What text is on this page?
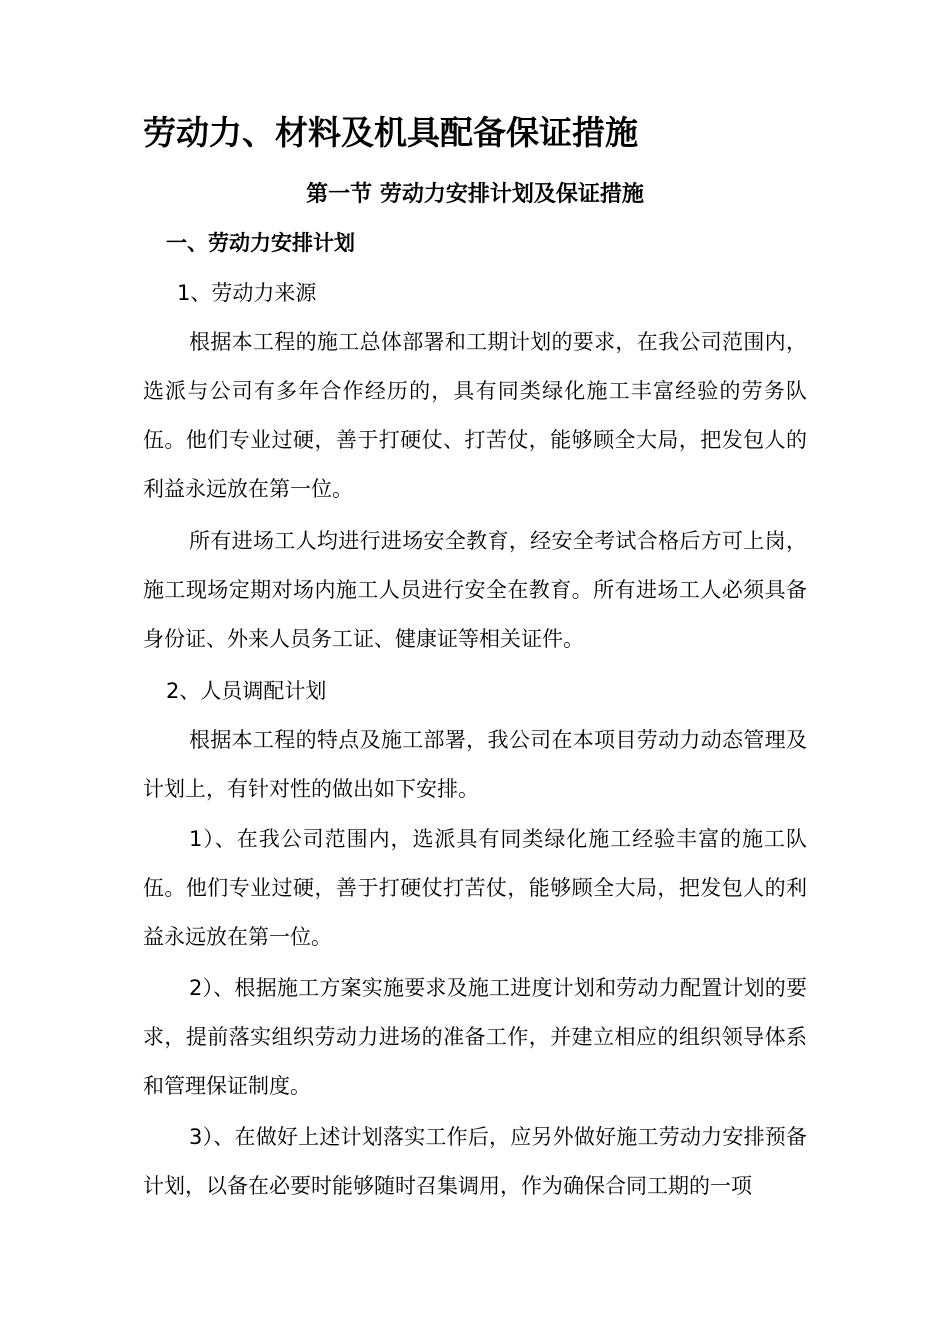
劳动力、材料及机具配备保证措施
第一节 劳动力安排计划及保证措施
一、劳动力安排计划

1、劳动力来源

根据本工程的施工总体部署和工期计划的要求，在我公司范围内，选派与公司有多年合作经历的，具有同类绿化施工丰富经验的劳务队伍。他们专业过硬，善于打硬仗、打苦仗，能够顾全大局，把发包人的利益永远放在第一位。

所有进场工人均进行进场安全教育，经安全考试合格后方可上岗，施工现场定期对场内施工人员进行安全在教育。所有进场工人必须具备身份证、外来人员务工证、健康证等相关证件。

2、人员调配计划

根据本工程的特点及施工部署，我公司在本项目劳动力动态管理及计划上，有针对性的做出如下安排。

1）、在我公司范围内，选派具有同类绿化施工经验丰富的施工队伍。他们专业过硬，善于打硬仗打苦仗，能够顾全大局，把发包人的利益永远放在第一位。

2）、根据施工方案实施要求及施工进度计划和劳动力配置计划的要求，提前落实组织劳动力进场的准备工作，并建立相应的组织领导体系和管理保证制度。

3）、在做好上述计划落实工作后，应另外做好施工劳动力安排预备计划，以备在必要时能够随时召集调用，作为确保合同工期的一项
